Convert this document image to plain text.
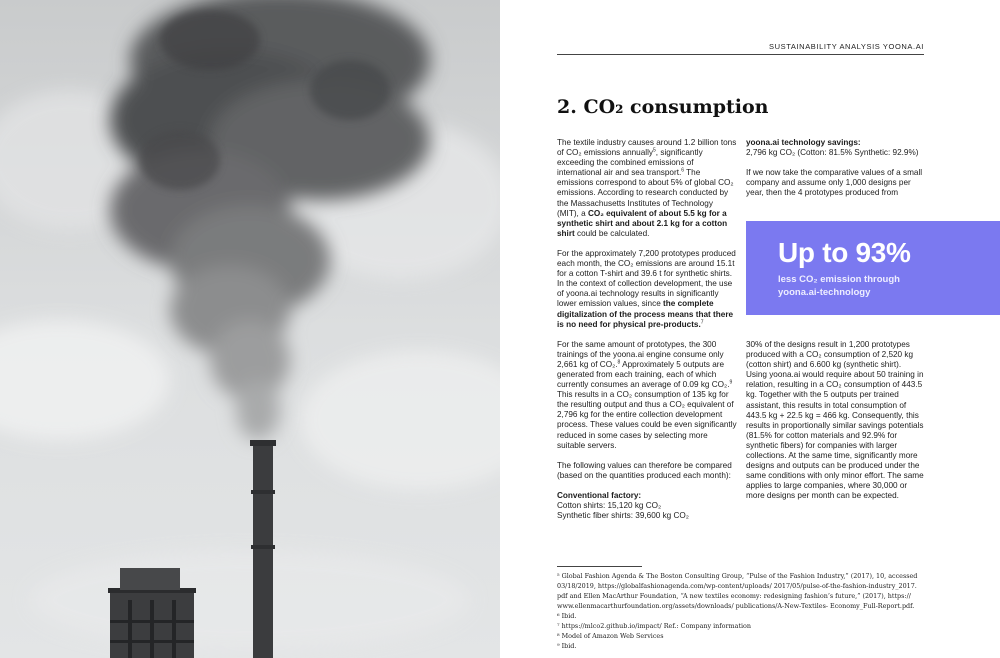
SUSTAINABILITY ANALYSIS YOONA.AI
2. CO₂ consumption

The textile industry causes around 1.2 billion tons of CO₂ emissions annually$^5$, significantly exceeding the combined emissions of international air and sea transport.$^6$ The emissions correspond to about 5% of global CO₂ emissions. According to research conducted by the Massachusetts Institutes of Technology (MIT), a CO₂ equivalent of about 5.5 kg for a synthetic shirt and about 2.1 kg for a cotton shirt could be calculated.

For the approximately 7,200 prototypes produced each month, the CO₂ emissions are around 15.1t for a cotton T-shirt and 39.6 t for synthetic shirts. In the context of collection development, the use of yoona.ai technology results in significantly lower emission values, since the complete digitalization of the process means that there is no need for physical pre-products.$^7$

For the same amount of prototypes, the 300 trainings of the yoona.ai engine consume only 2,661 kg of CO₂.$^8$ Approximately 5 outputs are generated from each training, each of which currently consumes an average of 0.09 kg CO₂.$^9$ This results in a CO₂ consumption of 135 kg for the resulting output and thus a CO₂ equivalent of 2,796 kg for the entire collection development process. These values could be even significantly reduced in some cases by selecting more suitable servers.

The following values can therefore be compared (based on the quantities produced each month):

Conventional factory:
Cotton shirts: 15,120 kg CO₂
Synthetic fiber shirts: 39,600 kg CO₂

yoona.ai technology savings:
2,796 kg CO₂ (Cotton: 81.5% Synthetic: 92.9%)

If we now take the comparative values of a small company and assume only 1,000 designs per year, then the 4 prototypes produced from

Up to 93%
less CO₂ emission through
yoona.ai-technology

30% of the designs result in 1,200 prototypes produced with a CO₂ consumption of 2,520 kg (cotton shirt) and 6.600 kg (synthetic shirt). Using yoona.ai would require about 50 training in relation, resulting in a CO₂ consumption of 443.5 kg. Together with the 5 outputs per trained assistant, this results in total consumption of 443.5 kg + 22.5 kg = 466 kg. Consequently, this results in proportionally similar savings potentials (81.5% for cotton materials and 92.9% for synthetic fibers) for companies with larger collections. At the same time, significantly more designs and outputs can be produced under the same conditions with only minor effort. The same applies to large companies, where 30,000 or more designs per month can be expected.

⁵ Global Fashion Agenda & The Boston Consulting Group, “Pulse of the Fashion Industry,” (2017), 10, accessed 03/18/2019, https://globalfashionagenda.com/wp-content/uploads/ 2017/05/pulse-of-the-fashion-industry_2017. pdf and Ellen MacArthur Foundation, “A new textiles economy: redesigning fashion’s future,” (2017), https:// www.ellenmacarthurfoundation.org/assets/downloads/ publications/A-New-Textiles- Economy_Full-Report.pdf.
⁶ Ibid.
⁷ https://mlco2.github.io/impact/ Ref.: Company information
⁸ Model of Amazon Web Services
⁹ Ibid.
